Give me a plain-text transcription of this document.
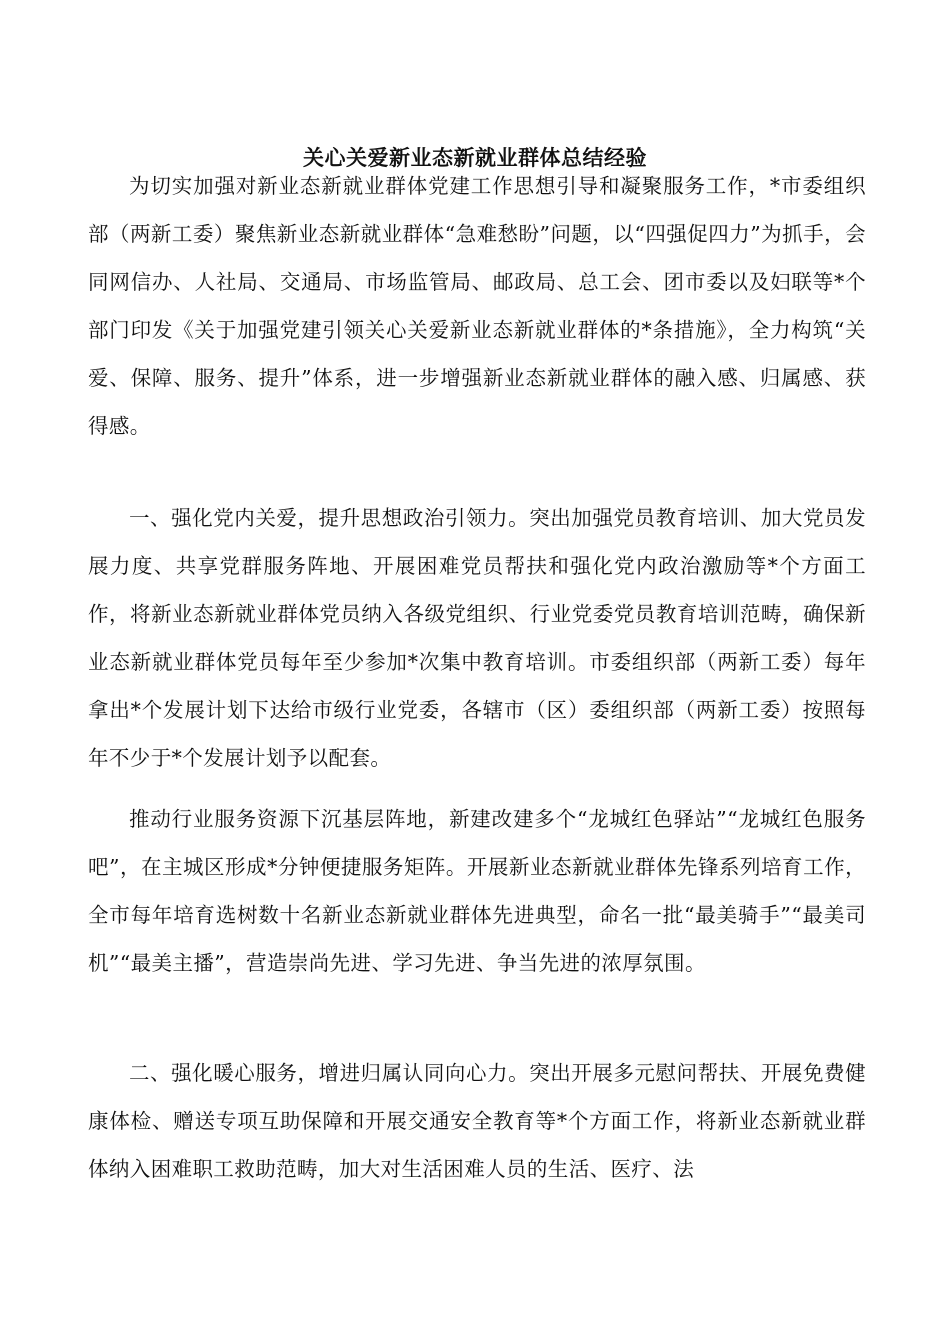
关心关爱新业态新就业群体总结经验

为切实加强对新业态新就业群体党建工作思想引导和凝聚服务工作，*市委组织部（两新工委）聚焦新业态新就业群体“急难愁盼”问题，以“四强促四力”为抓手，会同网信办、人社局、交通局、市场监管局、邮政局、总工会、团市委以及妇联等*个部门印发《关于加强党建引领关心关爱新业态新就业群体的*条措施》，全力构筑“关爱、保障、服务、提升”体系，进一步增强新业态新就业群体的融入感、归属感、获得感。

一、强化党内关爱，提升思想政治引领力。突出加强党员教育培训、加大党员发展力度、共享党群服务阵地、开展困难党员帮扶和强化党内政治激励等*个方面工作，将新业态新就业群体党员纳入各级党组织、行业党委党员教育培训范畴，确保新业态新就业群体党员每年至少参加*次集中教育培训。市委组织部（两新工委）每年拿出*个发展计划下达给市级行业党委，各辖市（区）委组织部（两新工委）按照每年不少于*个发展计划予以配套。

推动行业服务资源下沉基层阵地，新建改建多个“龙城红色驿站”“龙城红色服务吧”，在主城区形成*分钟便捷服务矩阵。开展新业态新就业群体先锋系列培育工作，全市每年培育选树数十名新业态新就业群体先进典型，命名一批“最美骑手”“最美司机”“最美主播”，营造崇尚先进、学习先进、争当先进的浓厚氛围。

二、强化暖心服务，增进归属认同向心力。突出开展多元慰问帮扶、开展免费健康体检、赠送专项互助保障和开展交通安全教育等*个方面工作，将新业态新就业群体纳入困难职工救助范畴，加大对生活困难人员的生活、医疗、法
